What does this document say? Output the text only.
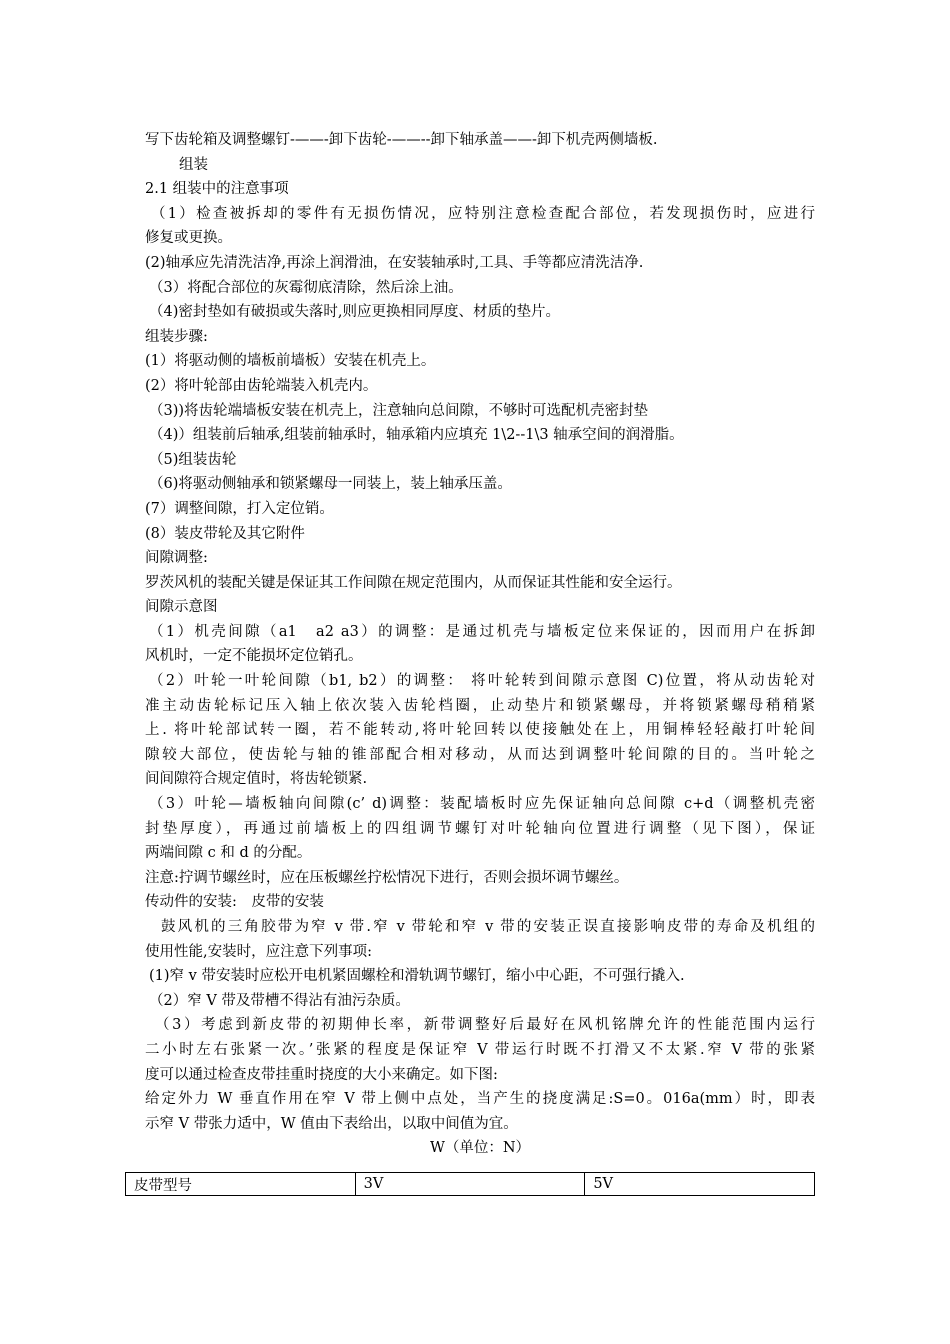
写下齿轮箱及调整螺钉-——-卸下齿轮-——--卸下轴承盖——-卸下机壳两侧墙板.
组装
2.1 组装中的注意事项
（1）检查被拆却的零件有无损伤情况，应特别注意检查配合部位，若发现损伤时，应进行
修复或更换。
(2)轴承应先清洗洁净,再涂上润滑油，在安装轴承时,工具、手等都应清洗洁净.
（3）将配合部位的灰霉彻底清除，然后涂上油。
（4)密封垫如有破损或失落时,则应更换相同厚度、材质的垫片。
组装步骤:
(1）将驱动侧的墙板前墙板）安装在机壳上。
(2）将叶轮部由齿轮端装入机壳内。
（3))将齿轮端墙板安装在机壳上，注意轴向总间隙，不够时可选配机壳密封垫
（4)）组装前后轴承,组装前轴承时，轴承箱内应填充 1\2--1\3 轴承空间的润滑脂。
（5)组装齿轮
（6)将驱动侧轴承和锁紧螺母一同装上，装上轴承压盖。
(7）调整间隙，打入定位销。
(8）装皮带轮及其它附件
间隙调整:
罗茨风机的装配关键是保证其工作间隙在规定范围内，从而保证其性能和安全运行。
间隙示意图
（1）机壳间隙（a1　a2 a3）的调整：是通过机壳与墙板定位来保证的，因而用户在拆卸
风机时，一定不能损坏定位销孔。
（2）叶轮一叶轮间隙（b1, b2）的调整： 将叶轮转到间隙示意图 C)位置，将从动齿轮对
准主动齿轮标记压入轴上依次装入齿轮档圈，止动垫片和锁紧螺母，并将锁紧螺母稍稍紧
上. 将叶轮部试转一圈，若不能转动,将叶轮回转以使接触处在上，用铜棒轻轻敲打叶轮间
隙较大部位，使齿轮与轴的锥部配合相对移动，从而达到调整叶轮间隙的目的。当叶轮之
间间隙符合规定值时，将齿轮锁紧.
（3）叶轮—墙板轴向间隙(c’ d)调整：装配墙板时应先保证轴向总间隙 c+d（调整机壳密
封垫厚度），再通过前墙板上的四组调节螺钉对叶轮轴向位置进行调整（见下图），保证
两端间隙 c 和 d 的分配。
注意:拧调节螺丝时，应在压板螺丝拧松情况下进行，否则会损坏调节螺丝。
传动件的安装:　皮带的安装
鼓风机的三角胶带为窄 v 带.窄 v 带轮和窄 v 带的安装正误直接影响皮带的寿命及机组的
使用性能,安装时，应注意下列事项:
(1)窄 v 带安装时应松开电机紧固螺栓和滑轨调节螺钉，缩小中心距，不可强行撬入.
（2）窄 V 带及带槽不得沾有油污杂质。
（3）考虑到新皮带的初期伸长率，新带调整好后最好在风机铭牌允许的性能范围内运行
二小时左右张紧一次。’张紧的程度是保证窄 V 带运行时既不打滑又不太紧.窄 V 带的张紧
度可以通过检查皮带挂重时挠度的大小来确定。如下图:
给定外力 W 垂直作用在窄 V 带上侧中点处，当产生的挠度满足:S=0。016a(mm）时，即表
示窄 V 带张力适中，W 值由下表给出，以取中间值为宜。
W（单位：N）
皮带型号	3V	5V
